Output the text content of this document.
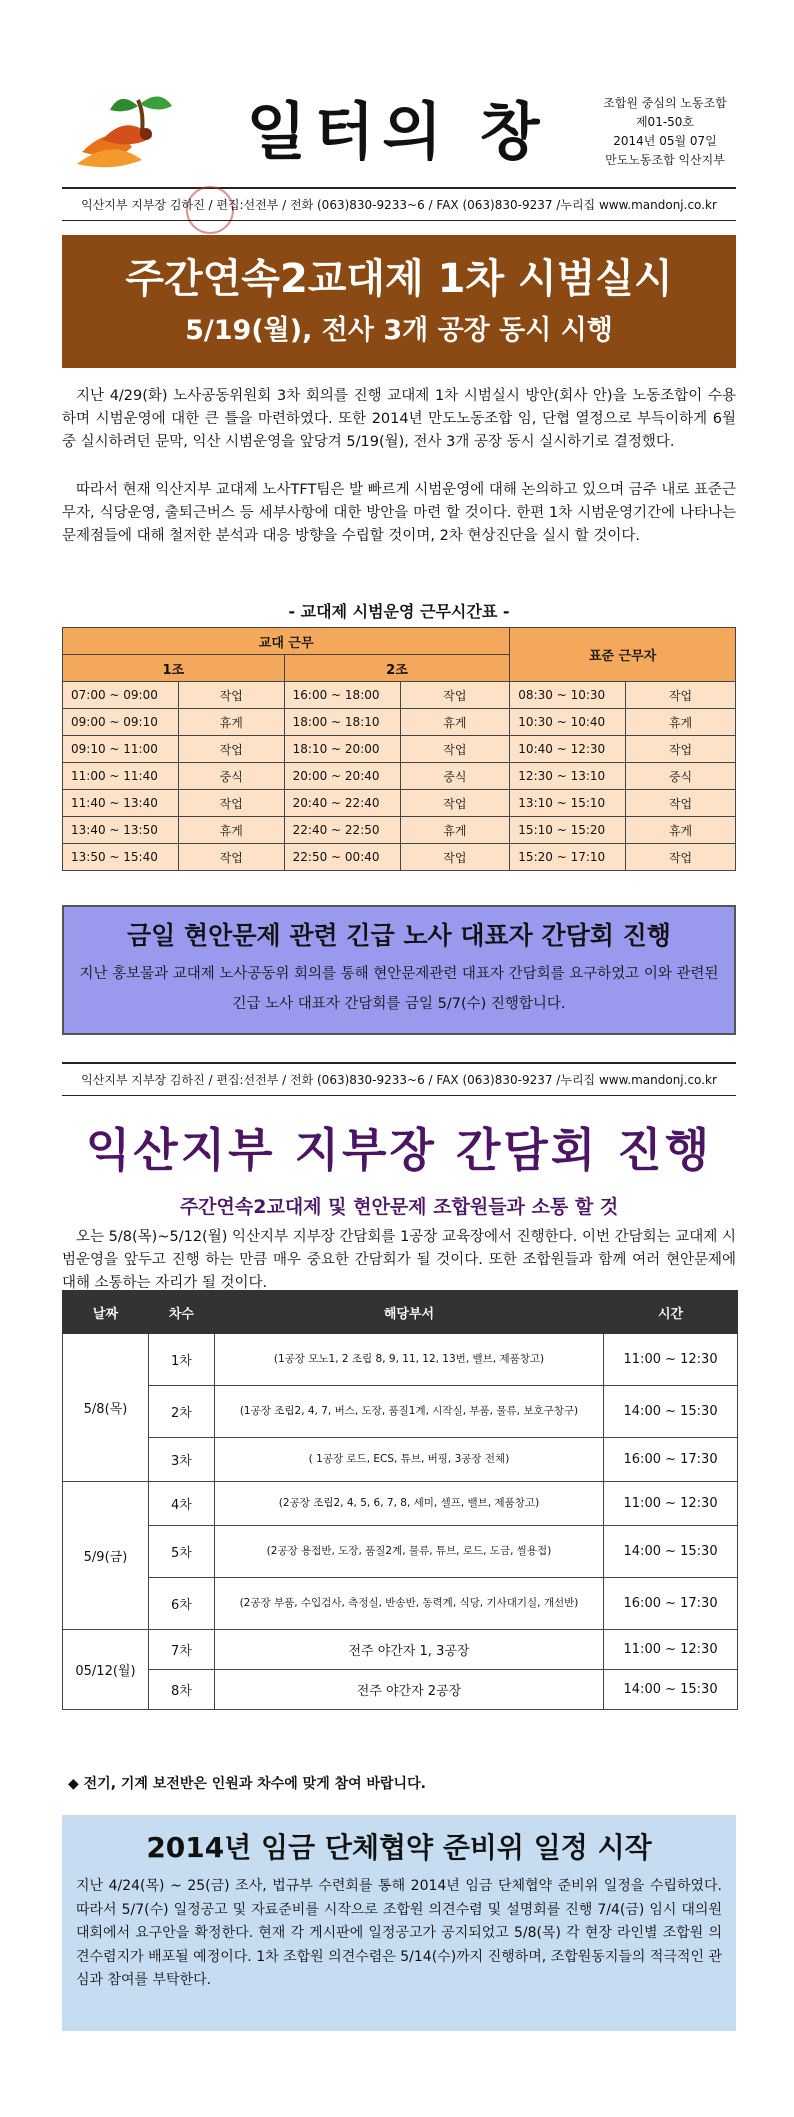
일터의 창	조합원 중심의 노동조합
제01-50호
2014년 05월 07일
만도노동조합 익산지부
익산지부 지부장 김하진 / 편집:선전부 / 전화 (063)830-9233~6 / FAX (063)830-9237 /누리집 www.mandonj.co.kr
주간연속2교대제 1차 시범실시
5/19(월), 전사 3개 공장 동시 시행
지난 4/29(화) 노사공동위원회 3차 회의를 진행 교대제 1차 시범실시 방안(회사 안)을 노동조합이 수용하며 시범운영에 대한 큰 틀을 마련하였다. 또한 2014년 만도노동조합 임, 단협 열정으로 부득이하게 6월 중 실시하려던 문막, 익산 시범운영을 앞당겨 5/19(월), 전사 3개 공장 동시 실시하기로 결정했다.
따라서 현재 익산지부 교대제 노사TFT팀은 발 빠르게 시범운영에 대해 논의하고 있으며 금주 내로 표준근무자, 식당운영, 출퇴근버스 등 세부사항에 대한 방안을 마련 할 것이다. 한편 1차 시범운영기간에 나타나는 문제점들에 대해 철저한 분석과 대응 방향을 수립할 것이며, 2차 현상진단을 실시 할 것이다.
- 교대제 시범운영 근무시간표 -
교대 근무				표준 근무자	
1조		2조			
07:00 ~ 09:00	작업	16:00 ~ 18:00	작업	08:30 ~ 10:30	작업
09:00 ~ 09:10	휴게	18:00 ~ 18:10	휴게	10:30 ~ 10:40	휴게
09:10 ~ 11:00	작업	18:10 ~ 20:00	작업	10:40 ~ 12:30	작업
11:00 ~ 11:40	중식	20:00 ~ 20:40	중식	12:30 ~ 13:10	중식
11:40 ~ 13:40	작업	20:40 ~ 22:40	작업	13:10 ~ 15:10	작업
13:40 ~ 13:50	휴게	22:40 ~ 22:50	휴게	15:10 ~ 15:20	휴게
13:50 ~ 15:40	작업	22:50 ~ 00:40	작업	15:20 ~ 17:10	작업
금일 현안문제 관련 긴급 노사 대표자 간담회 진행
지난 홍보물과 교대제 노사공동위 회의를 통해 현안문제관련 대표자 간담회를 요구하였고 이와 관련된 긴급 노사 대표자 간담회를 금일 5/7(수) 진행합니다.
익산지부 지부장 김하진 / 편집:선전부 / 전화 (063)830-9233~6 / FAX (063)830-9237 /누리집 www.mandonj.co.kr
익산지부 지부장 간담회 진행
주간연속2교대제 및 현안문제 조합원들과 소통 할 것
오는 5/8(목)~5/12(월) 익산지부 지부장 간담회를 1공장 교육장에서 진행한다. 이번 간담회는 교대제 시범운영을 앞두고 진행 하는 만큼 매우 중요한 간담회가 될 것이다. 또한 조합원들과 함께 여러 현안문제에 대해 소통하는 자리가 될 것이다.
날짜	차수	해당부서	시간
5/8(목)	1차	(1공장 모노1, 2 조립 8, 9, 11, 12, 13번, 밸브, 제품창고)	11:00 ~ 12:30
	2차	(1공장 조립2, 4, 7, 버스, 도장, 품질1계, 시작실, 부품, 물류, 보호구창구)	14:00 ~ 15:30
	3차	( 1공장 로드, ECS, 튜브, 버핑, 3공장 전체)	16:00 ~ 17:30
5/9(금)	4차	(2공장 조립2, 4, 5, 6, 7, 8, 세미, 셀프, 밸브, 제품창고)	11:00 ~ 12:30
	5차	(2공장 용접반, 도장, 품질2계, 물류, 튜브, 로드, 도금, 씰용접)	14:00 ~ 15:30
	6차	(2공장 부품, 수입검사, 측정실, 반송반, 동력계, 식당, 기사대기실, 개선반)	16:00 ~ 17:30
05/12(월)	7차	전주 야간자 1, 3공장	11:00 ~ 12:30
	8차	전주 야간자 2공장	14:00 ~ 15:30
◆ 전기, 기계 보전반은 인원과 차수에 맞게 참여 바랍니다.
2014년 임금 단체협약 준비위 일정 시작
지난 4/24(목) ~ 25(금) 조사, 법규부 수련회를 통해 2014년 임금 단체협약 준비위 일정을 수립하였다. 따라서 5/7(수) 일정공고 및 자료준비를 시작으로 조합원 의견수렴 및 설명회를 진행 7/4(금) 임시 대의원대회에서 요구안을 확정한다. 현재 각 게시판에 일정공고가 공지되었고 5/8(목) 각 현장 라인별 조합원 의견수렴지가 배포될 예정이다. 1차 조합원 의견수렴은 5/14(수)까지 진행하며, 조합원동지들의 적극적인 관심과 참여를 부탁한다.
